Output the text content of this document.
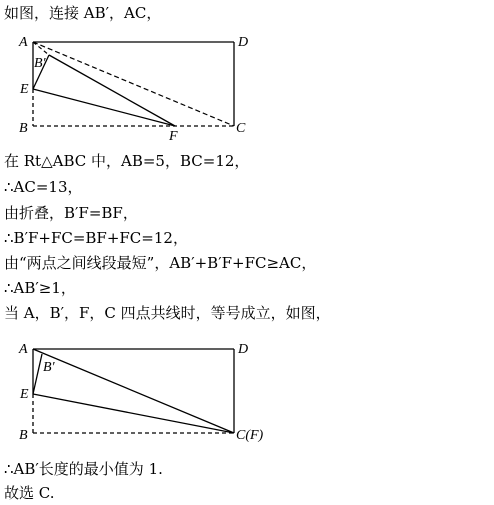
如图，连接 AB′，AC，
A	D
B′
E
B
F
C
在 Rt△ABC 中，AB=5，BC=12，
∴AC=13，
由折叠，B′F=BF，
∴B′F+FC=BF+FC=12，
由“两点之间线段最短”，AB′+B′F+FC≥AC，
∴AB′≥1，
当 A，B′，F，C 四点共线时，等号成立，如图，
A	D
B′
E
B	C(F)
∴AB′长度的最小值为 1.
故选 C.
